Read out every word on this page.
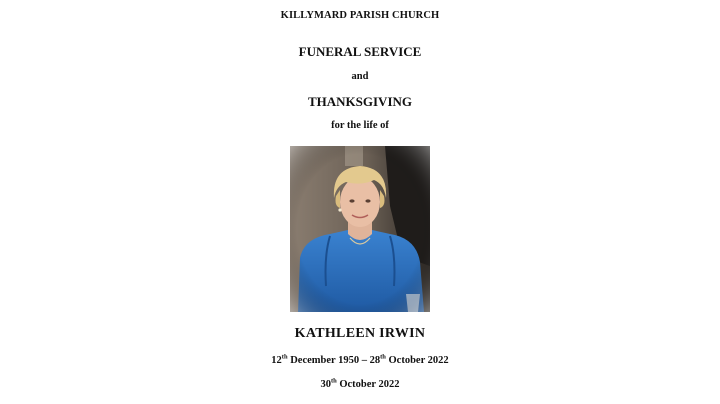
KILLYMARD PARISH CHURCH
FUNERAL SERVICE
and
THANKSGIVING
for the life of
KATHLEEN IRWIN
12th December 1950 – 28th October 2022
30th October 2022
